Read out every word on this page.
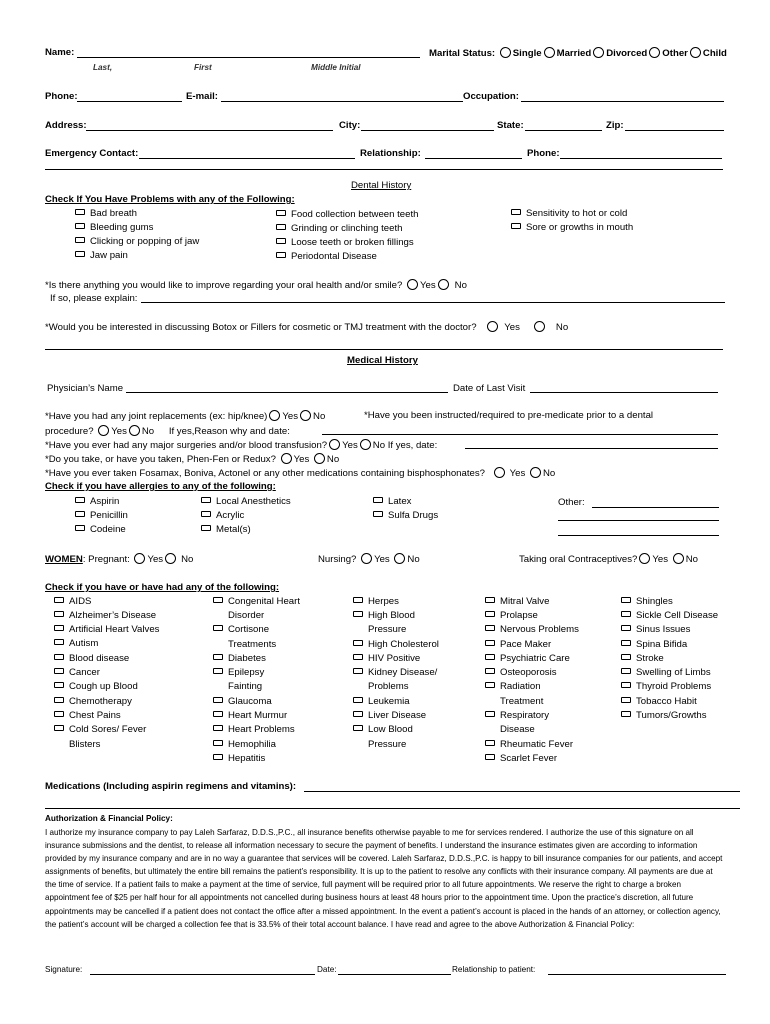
Name:
Last,	First	Middle Initial
Marital Status: Single Married Divorced Other Child
Phone:	E-mail:	Occupation:
Address:	City:	State:	Zip:
Emergency Contact:	Relationship:	Phone:
Dental History
Check If You Have Problems with any of the Following:
Bad breath
Bleeding gums
Clicking or popping of jaw
Jaw pain
Food collection between teeth
Grinding or clinching teeth
Loose teeth or broken fillings
Periodontal Disease
Sensitivity to hot or cold
Sore or growths in mouth
*Is there anything you would like to improve regarding your oral health and/or smile? Yes No
If so, please explain:
*Would you be interested in discussing Botox or Fillers for cosmetic or TMJ treatment with the doctor?	Yes	No
Medical History
Physician’s Name	Date of Last Visit
*Have you had any joint replacements (ex: hip/knee) Yes No	*Have you been instructed/required to pre-medicate prior to a dental
procedure? Yes No If yes,Reason why and date:
*Have you ever had any major surgeries and/or blood transfusion? Yes No If yes, date:
*Do you take, or have you taken, Phen-Fen or Redux? Yes No
*Have you ever taken Fosamax, Boniva, Actonel or any other medications containing bisphosphonates?	Yes No
Check if you have allergies to any of the following:
Aspirin
Penicillin
Codeine
Local Anesthetics
Acrylic
Metal(s)
Latex
Sulfa Drugs
Other:
WOMEN: Pregnant: Yes No	Nursing? Yes No	Taking oral Contraceptives? Yes No
Check if you have or have had any of the following:
AIDS
Alzheimer’s Disease
Artificial Heart Valves
Autism
Blood disease
Cancer
Cough up Blood
Chemotherapy
Chest Pains
Cold Sores/ Fever
Blisters
Congenital Heart
Disorder
Cortisone
Treatments
Diabetes
Epilepsy
Fainting
Glaucoma
Heart Murmur
Heart Problems
Hemophilia
Hepatitis
Herpes
High Blood
Pressure
High Cholesterol
HIV Positive
Kidney Disease/
Problems
Leukemia
Liver Disease
Low Blood
Pressure
Mitral Valve
Prolapse
Nervous Problems
Pace Maker
Psychiatric Care
Osteoporosis
Radiation
Treatment
Respiratory
Disease
Rheumatic Fever
Scarlet Fever
Shingles
Sickle Cell Disease
Sinus Issues
Spina Bifida
Stroke
Swelling of Limbs
Thyroid Problems
Tobacco Habit
Tumors/Growths
Medications (Including aspirin regimens and vitamins):
Authorization & Financial Policy:
I authorize my insurance company to pay Laleh Sarfaraz, D.D.S.,P.C., all insurance benefits otherwise payable to me for services rendered. I authorize the use of this signature on all insurance submissions and the dentist, to release all information necessary to secure the payment of benefits. I understand the insurance estimates given are according to information provided by my insurance company and are in no way a guarantee that services will be covered. Laleh Sarfaraz, D.D.S.,P.C. is happy to bill insurance companies for our patients, and accept assignments of benefits, but ultimately the entire bill remains the patient’s responsibility. It is up to the patient to resolve any conflicts with their insurance company. All payments are due at the time of service. If a patient fails to make a payment at the time of service, full payment will be required prior to all future appointments. We reserve the right to charge a broken appointment fee of $25 per half hour for all appointments not cancelled during business hours at least 48 hours prior to the appointment time. Upon the practice’s discretion, all future appointments may be cancelled if a patient does not contact the office after a missed appointment. In the event a patient’s account is placed in the hands of an attorney, or collection agency, the patient’s account will be charged a collection fee that is 33.5% of their total account balance. I have read and agree to the above Authorization & Financial Policy:
Signature:	Date:	Relationship to patient:
